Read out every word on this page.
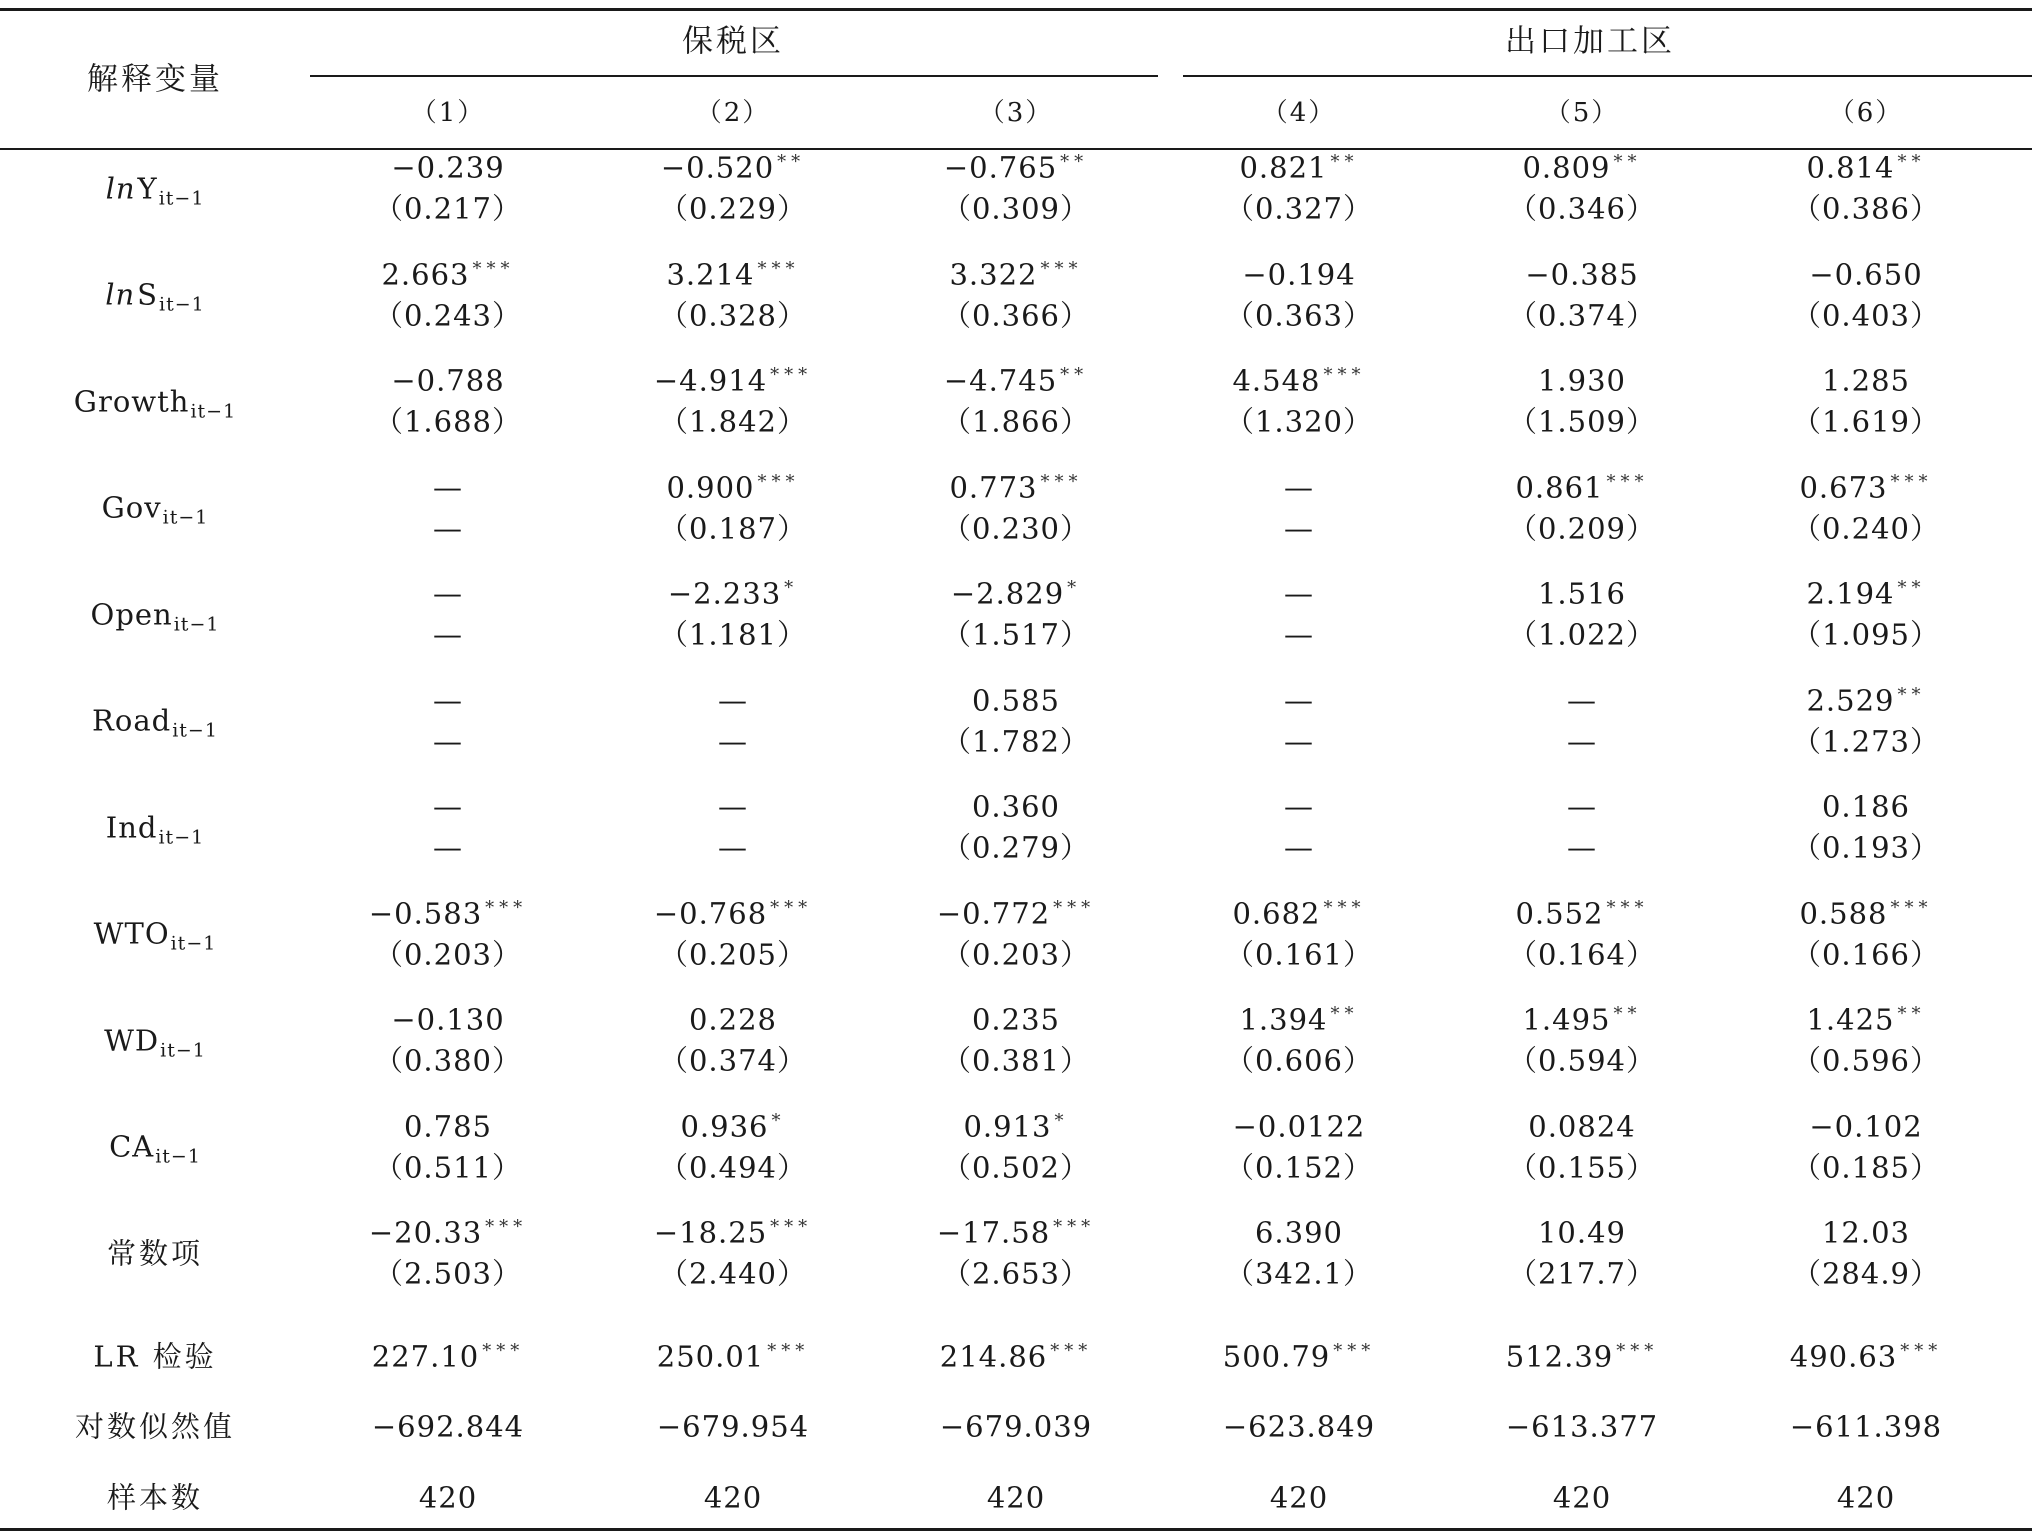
解释变量
保税区	出口加工区
（1）	（2）	（3）	（4）	（5）	（6）
lnY$_{it-1}$
−0.239	−0.520 **	−0.765 **	0.821 **	0.809 **	0.814 **
（0.217）	（0.229）	（0.309）	（0.327）	（0.346）	（0.386）
lnS$_{it-1}$
2.663 ***	3.214 ***	3.322 ***	−0.194	−0.385	−0.650
（0.243）	（0.328）	（0.366）	（0.363）	（0.374）	（0.403）
Growth$_{it-1}$
−0.788	−4.914 ***	−4.745 **	4.548 ***	1.930	1.285
（1.688）	（1.842）	（1.866）	（1.320）	（1.509）	（1.619）
Gov$_{it-1}$
—	0.900 ***	0.773 ***	—	0.861 ***	0.673 ***
—	（0.187）	（0.230）	—	（0.209）	（0.240）
Open$_{it-1}$
—	−2.233 *	−2.829 *	—	1.516	2.194 **
—	（1.181）	（1.517）	—	（1.022）	（1.095）
Road$_{it-1}$
—	—	0.585	—	—	2.529 **
—	—	（1.782）	—	—	（1.273）
Ind$_{it-1}$
—	—	0.360	—	—	0.186
—	—	（0.279）	—	—	（0.193）
$WTO_{it-1}$
−0.583 ***	−0.768 ***	−0.772 ***	0.682 ***	0.552 ***	0.588 ***
（0.203）	（0.205）	（0.203）	（0.161）	（0.164）	（0.166）
$WD_{it-1}$
−0.130	0.228	0.235	1.394 **	1.495 **	1.425 **
（0.380）	（0.374）	（0.381）	（0.606）	（0.594）	（0.596）
$CA_{it-1}$
0.785	0.936 *	0.913 *	−0.0122	0.0824	−0.102
（0.511）	（0.494）	（0.502）	（0.152）	（0.155）	（0.185）
常数项
−20.33 ***	−18.25 ***	−17.58 ***	6.390	10.49	12.03
（2.503）	（2.440）	（2.653）	（342.1）	（217.7）	（284.9）
LR 检验	227.10 ***	250.01 ***	214.86 ***	500.79 ***	512.39 ***	490.63 ***
对数似然值	−692.844	−679.954	−679.039	−623.849	−613.377	−611.398
样本数	420	420	420	420	420	420
